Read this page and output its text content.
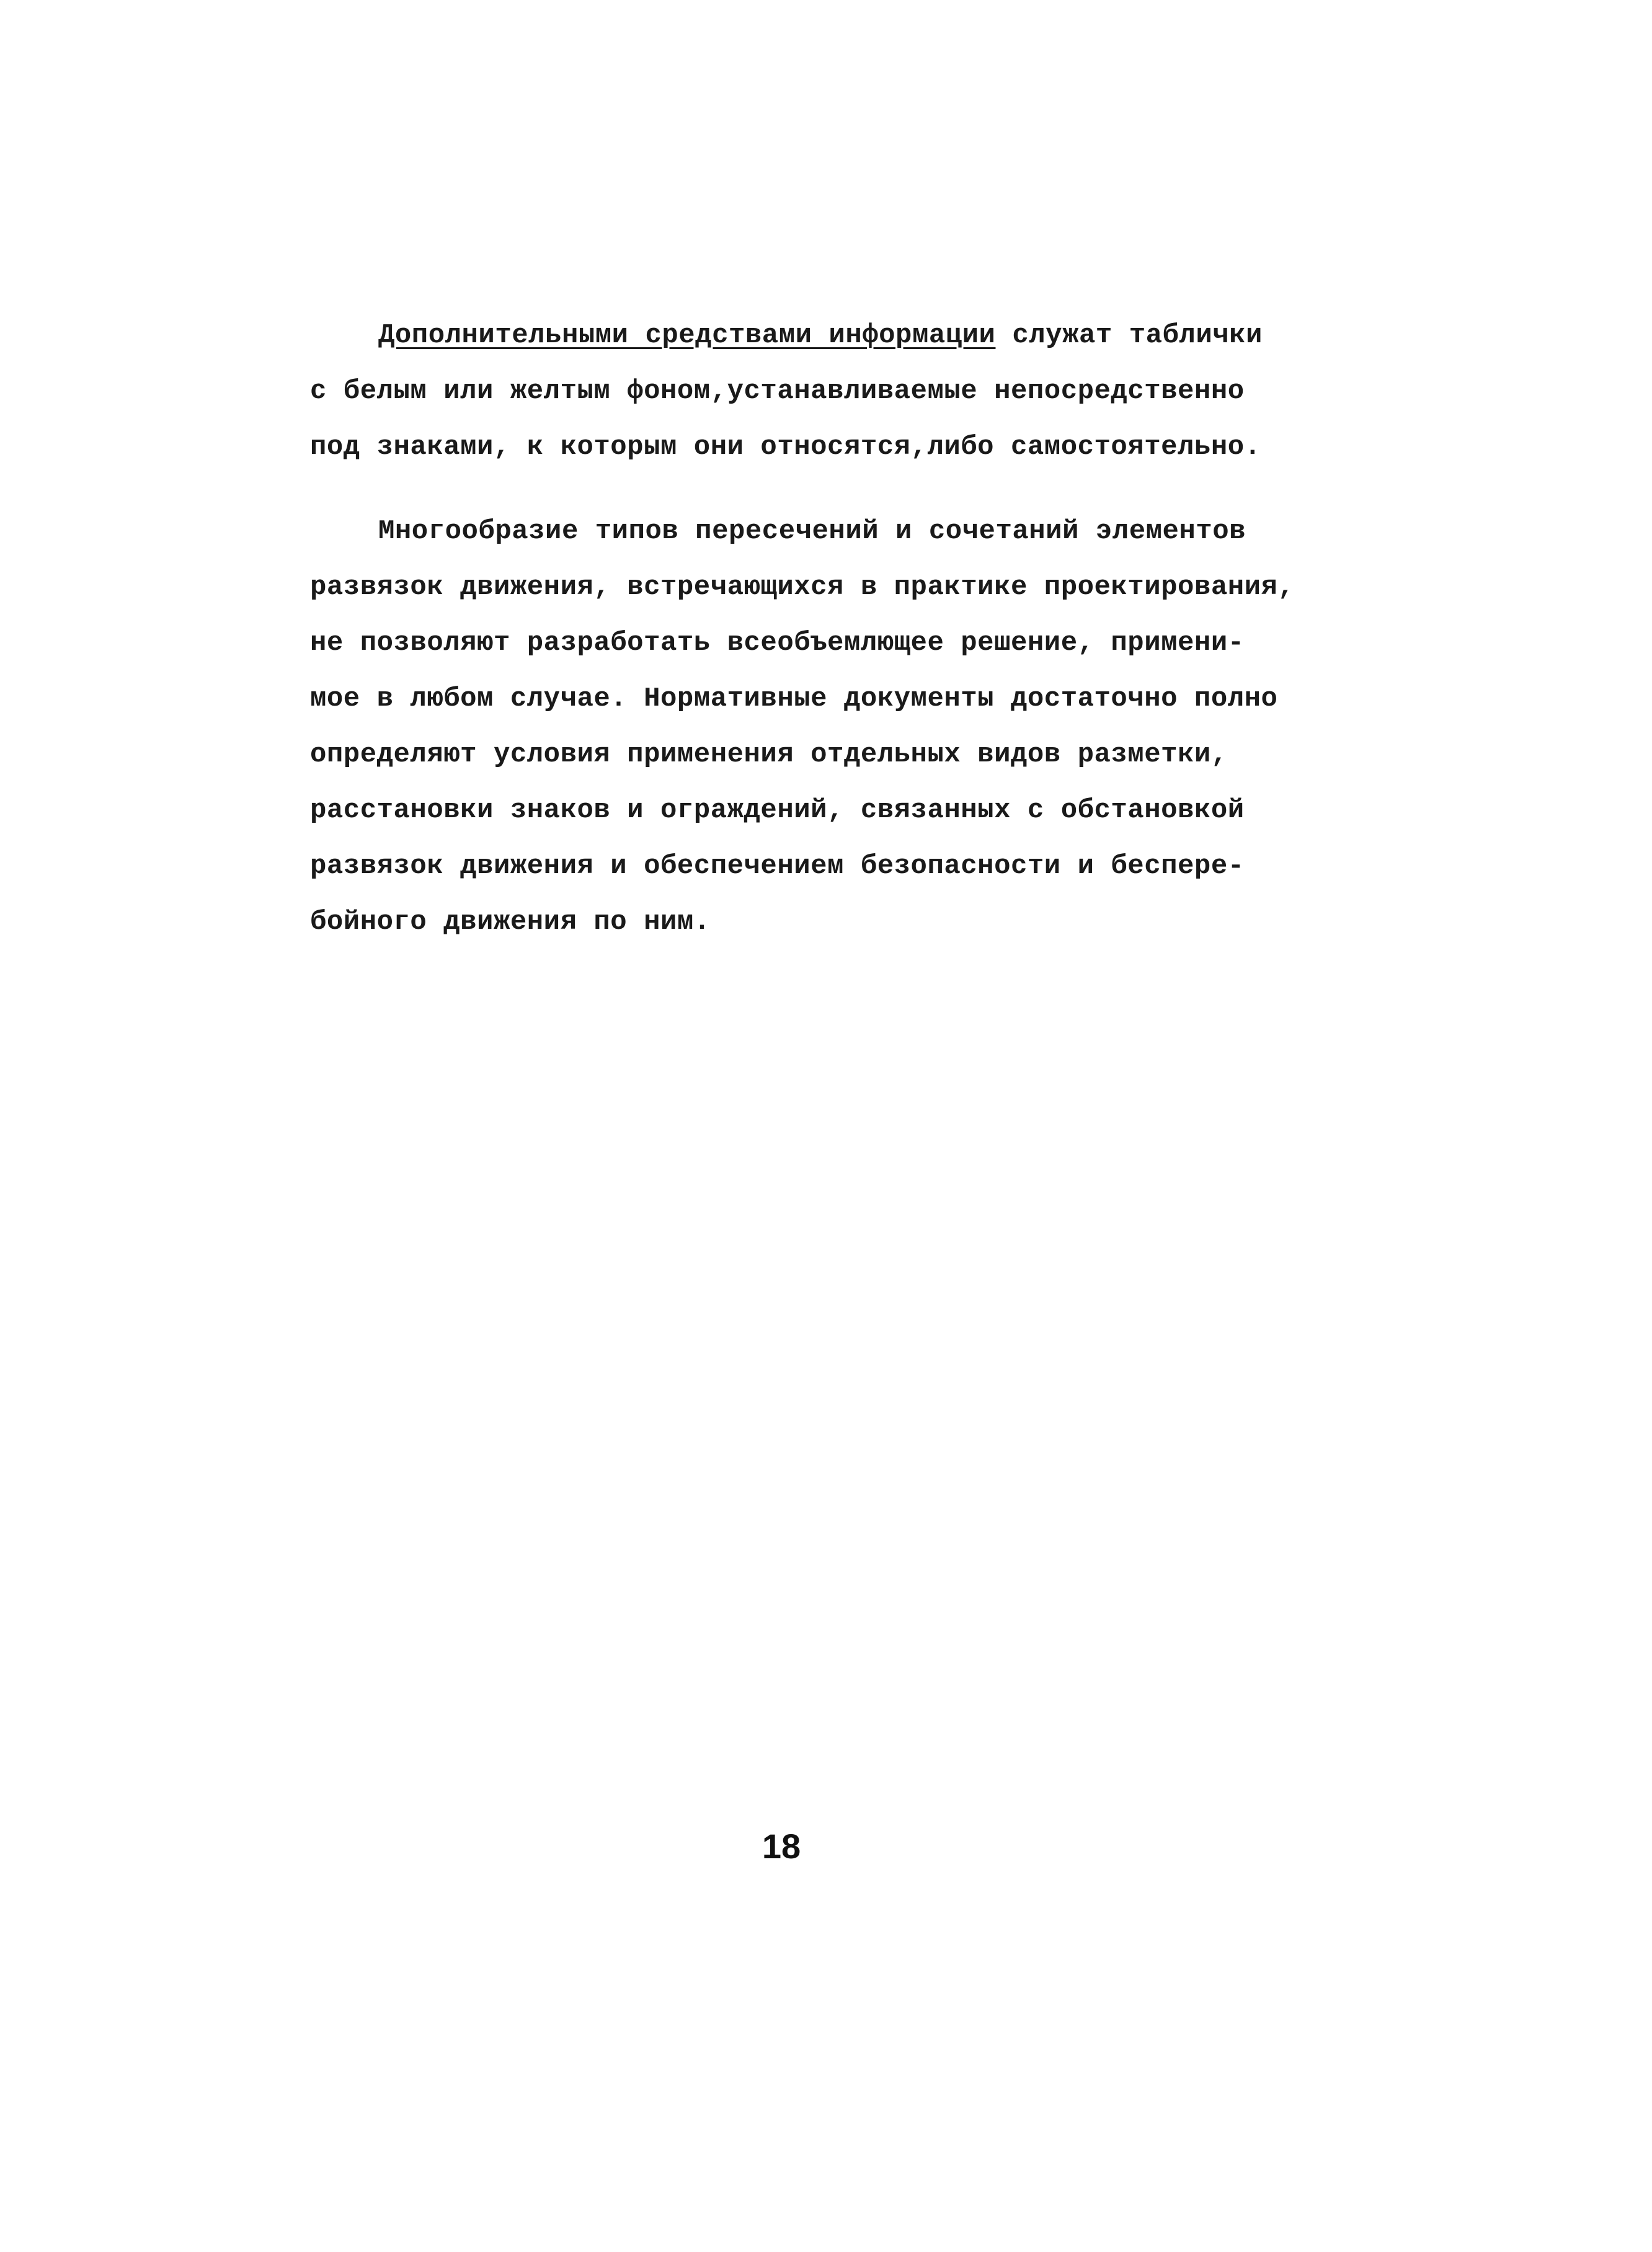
Дополнительными средствами информации служат таблички
с белым или желтым фоном,устанавливаемые непосредственно
под знаками, к которым они относятся,либо самостоятельно.

Многообразие типов пересечений и сочетаний элементов
развязок движения, встречающихся в практике проектирования,
не позволяют разработать всеобъемлющее решение, примени-
мое в любом случае. Нормативные документы достаточно полно
определяют условия применения отдельных видов разметки,
расстановки знаков и ограждений, связанных с обстановкой
развязок движения и обеспечением безопасности и беспере-
бойного движения по ним.

18
